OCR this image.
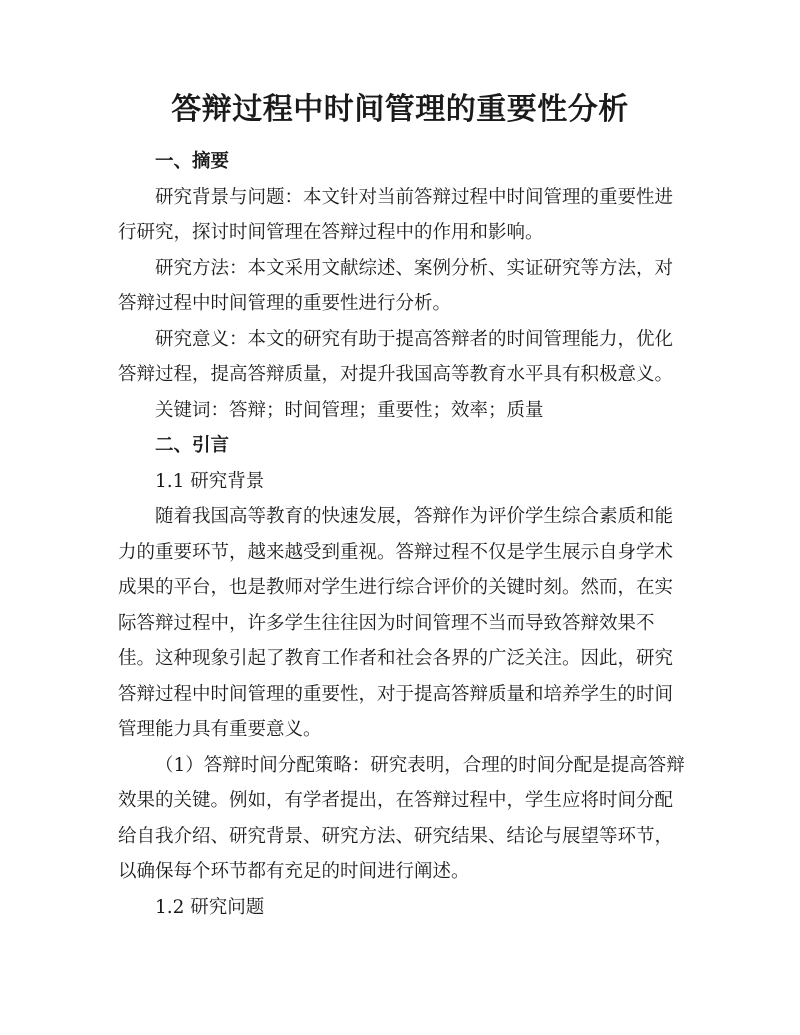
答辩过程中时间管理的重要性分析

一、摘要

研究背景与问题：本文针对当前答辩过程中时间管理的重要性进行研究，探讨时间管理在答辩过程中的作用和影响。

研究方法：本文采用文献综述、案例分析、实证研究等方法，对答辩过程中时间管理的重要性进行分析。

研究意义：本文的研究有助于提高答辩者的时间管理能力，优化答辩过程，提高答辩质量，对提升我国高等教育水平具有积极意义。

关键词：答辩；时间管理；重要性；效率；质量

二、引言

1.1 研究背景

随着我国高等教育的快速发展，答辩作为评价学生综合素质和能力的重要环节，越来越受到重视。答辩过程不仅是学生展示自身学术成果的平台，也是教师对学生进行综合评价的关键时刻。然而，在实际答辩过程中，许多学生往往因为时间管理不当而导致答辩效果不佳。这种现象引起了教育工作者和社会各界的广泛关注。因此，研究答辩过程中时间管理的重要性，对于提高答辩质量和培养学生的时间管理能力具有重要意义。

（1）答辩时间分配策略：研究表明，合理的时间分配是提高答辩效果的关键。例如，有学者提出，在答辩过程中，学生应将时间分配给自我介绍、研究背景、研究方法、研究结果、结论与展望等环节，以确保每个环节都有充足的时间进行阐述。

1.2 研究问题
